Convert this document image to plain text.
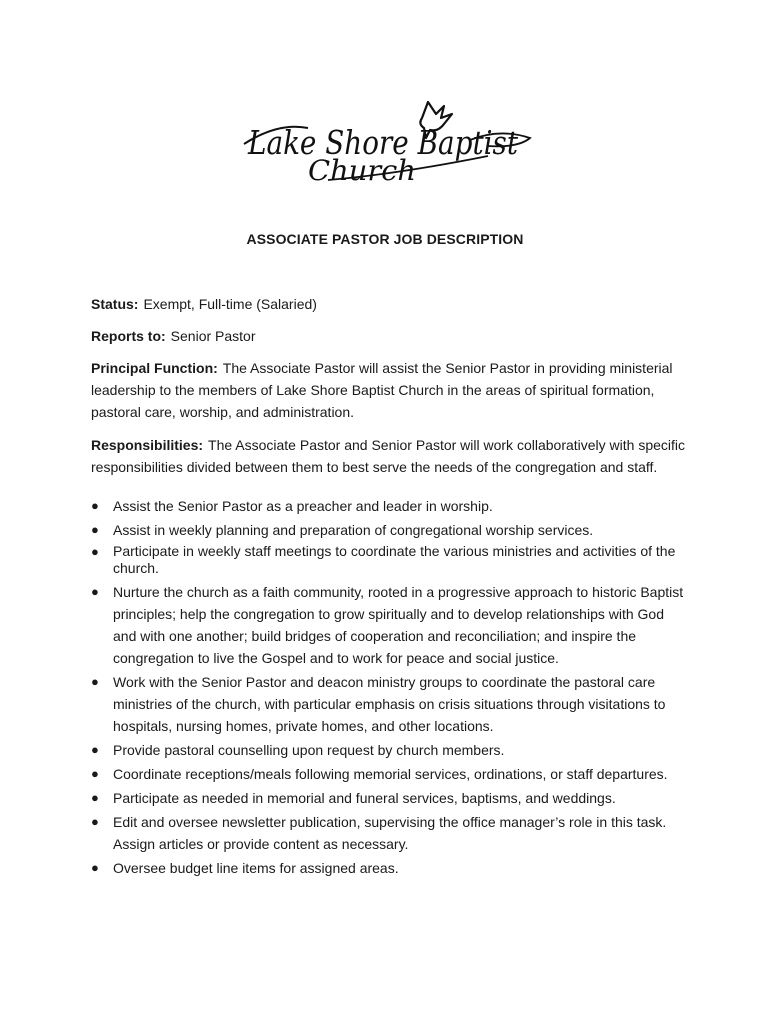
Lake Shore Baptist
Church
ASSOCIATE PASTOR JOB DESCRIPTION
Status: Exempt, Full-time (Salaried)
Reports to: Senior Pastor
Principal Function: The Associate Pastor will assist the Senior Pastor in providing ministerial leadership to the members of Lake Shore Baptist Church in the areas of spiritual formation, pastoral care, worship, and administration.
Responsibilities: The Associate Pastor and Senior Pastor will work collaboratively with specific responsibilities divided between them to best serve the needs of the congregation and staff.
● Assist the Senior Pastor as a preacher and leader in worship.
● Assist in weekly planning and preparation of congregational worship services.
● Participate in weekly staff meetings to coordinate the various ministries and activities of the church.
● Nurture the church as a faith community, rooted in a progressive approach to historic Baptist principles; help the congregation to grow spiritually and to develop relationships with God and with one another; build bridges of cooperation and reconciliation; and inspire the congregation to live the Gospel and to work for peace and social justice.
● Work with the Senior Pastor and deacon ministry groups to coordinate the pastoral care ministries of the church, with particular emphasis on crisis situations through visitations to hospitals, nursing homes, private homes, and other locations.
● Provide pastoral counselling upon request by church members.
● Coordinate receptions/meals following memorial services, ordinations, or staff departures.
● Participate as needed in memorial and funeral services, baptisms, and weddings.
● Edit and oversee newsletter publication, supervising the office manager’s role in this task. Assign articles or provide content as necessary.
● Oversee budget line items for assigned areas.
